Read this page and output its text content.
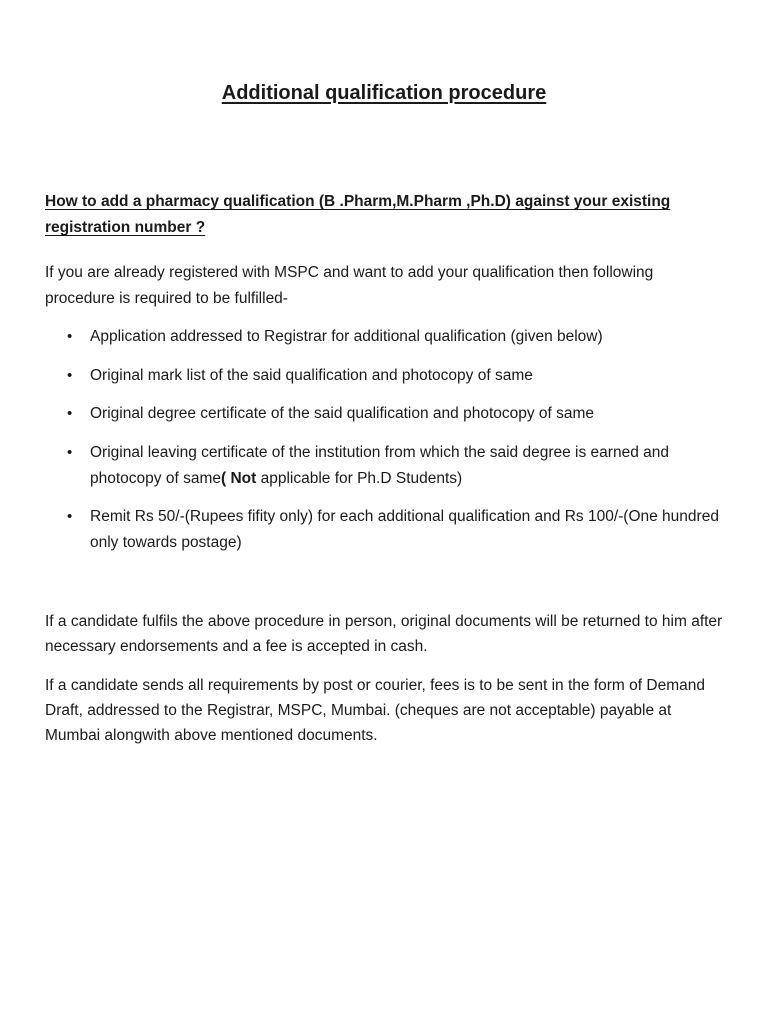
Additional qualification procedure

How to add a pharmacy qualification (B .Pharm,M.Pharm ,Ph.D) against your existing registration number ?

If you are already registered with MSPC and want to add your qualification then following procedure is required to be fulfilled-

• Application addressed to Registrar for additional qualification (given below)
• Original mark list of the said qualification and photocopy of same
• Original degree certificate of the said qualification and photocopy of same
• Original leaving certificate of the institution from which the said degree is earned and photocopy of same( Not applicable for Ph.D Students)
• Remit Rs 50/-(Rupees fifity only) for each additional qualification and Rs 100/-(One hundred only towards postage)

If a candidate fulfils the above procedure in person, original documents will be returned to him after necessary endorsements and a fee is accepted in cash.

If a candidate sends all requirements by post or courier, fees is to be sent in the form of Demand Draft, addressed to the Registrar, MSPC, Mumbai. (cheques are not acceptable) payable at Mumbai alongwith above mentioned documents.
